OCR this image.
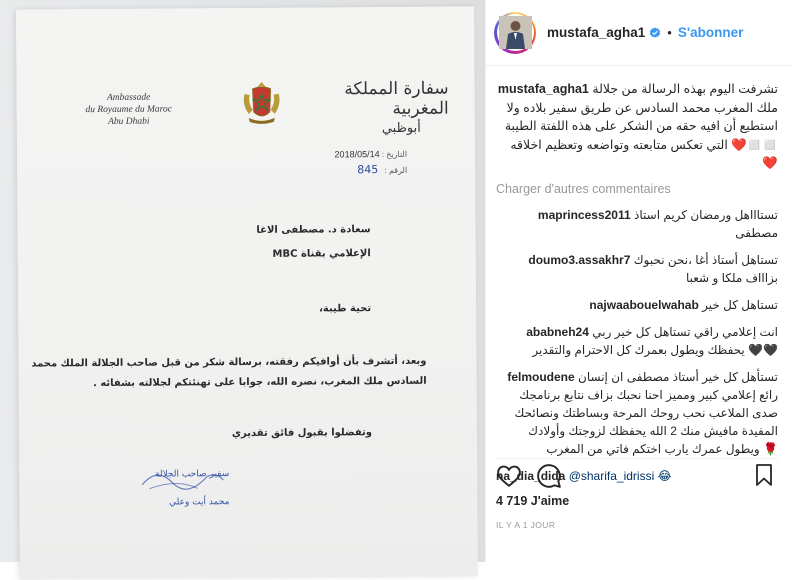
Ambassade
du Royaume du Maroc
Abu Dhabi
سفارة المملكة المغربية
أبوظبي
التاريخ : 2018/05/14
الرقم : 845
سعادة د. مصطفى الاغا
الإعلامي بقناة MBC
تحية طيبة،
وبعد، أتشرف بأن أوافيكم رفقته، برسالة شكر من قبل صاحب الجلالة الملك محمد
السادس ملك المغرب، نصره الله، جوابا على تهنئتكم لجلالته بشفائه .
وتفضلوا بقبول فائق تقديري
سفير صاحب الجلالة
محمد أيت وعلي
mustafa_agha1 • S'abonner
mustafa_agha1 تشرفت اليوم بهذه الرسالة من جلالة ملك المغرب محمد السادس عن طريق سفير بلاده ولا استطيع أن افيه حقه من الشكر على هذه اللفتة الطيبة التي تعكس متابعته وتواضعه وتعظيم اخلاقه ❤️◻️◻️❤️
Charger d'autres commentaires
maprincess2011 تستاااهل ورمضان كريم استاذ مصطفى
doumo3.assakhr7 تستاهل أستاذ أغا ،نحن نحبوك بزاااف ملكا و شعبا
najwaabouelwahab تستاهل كل خير
ababneh24 انت إعلامي راقي تستاهل كل خير ربي يحفظك ويطول بعمرك كل الاحترام والتقدير 🖤🖤
felmoudene تستأهل كل خير أستاذ مصطفى ان إنسان رائع إعلامي كبير ومميز احنا نحبك بزاف نتابع برنامجك صدى الملاعب نحب روحك المرحة وبساطتك ونصائحك المفيدة مافيش منك 2 الله يحفظك لزوجتك وأولادك ويطول عمرك يارب اختكم فاتي من المغرب 🌹
na_dia_dida @sharifa_idrissi 😂
4 719 J'aime
IL Y A 1 JOUR
